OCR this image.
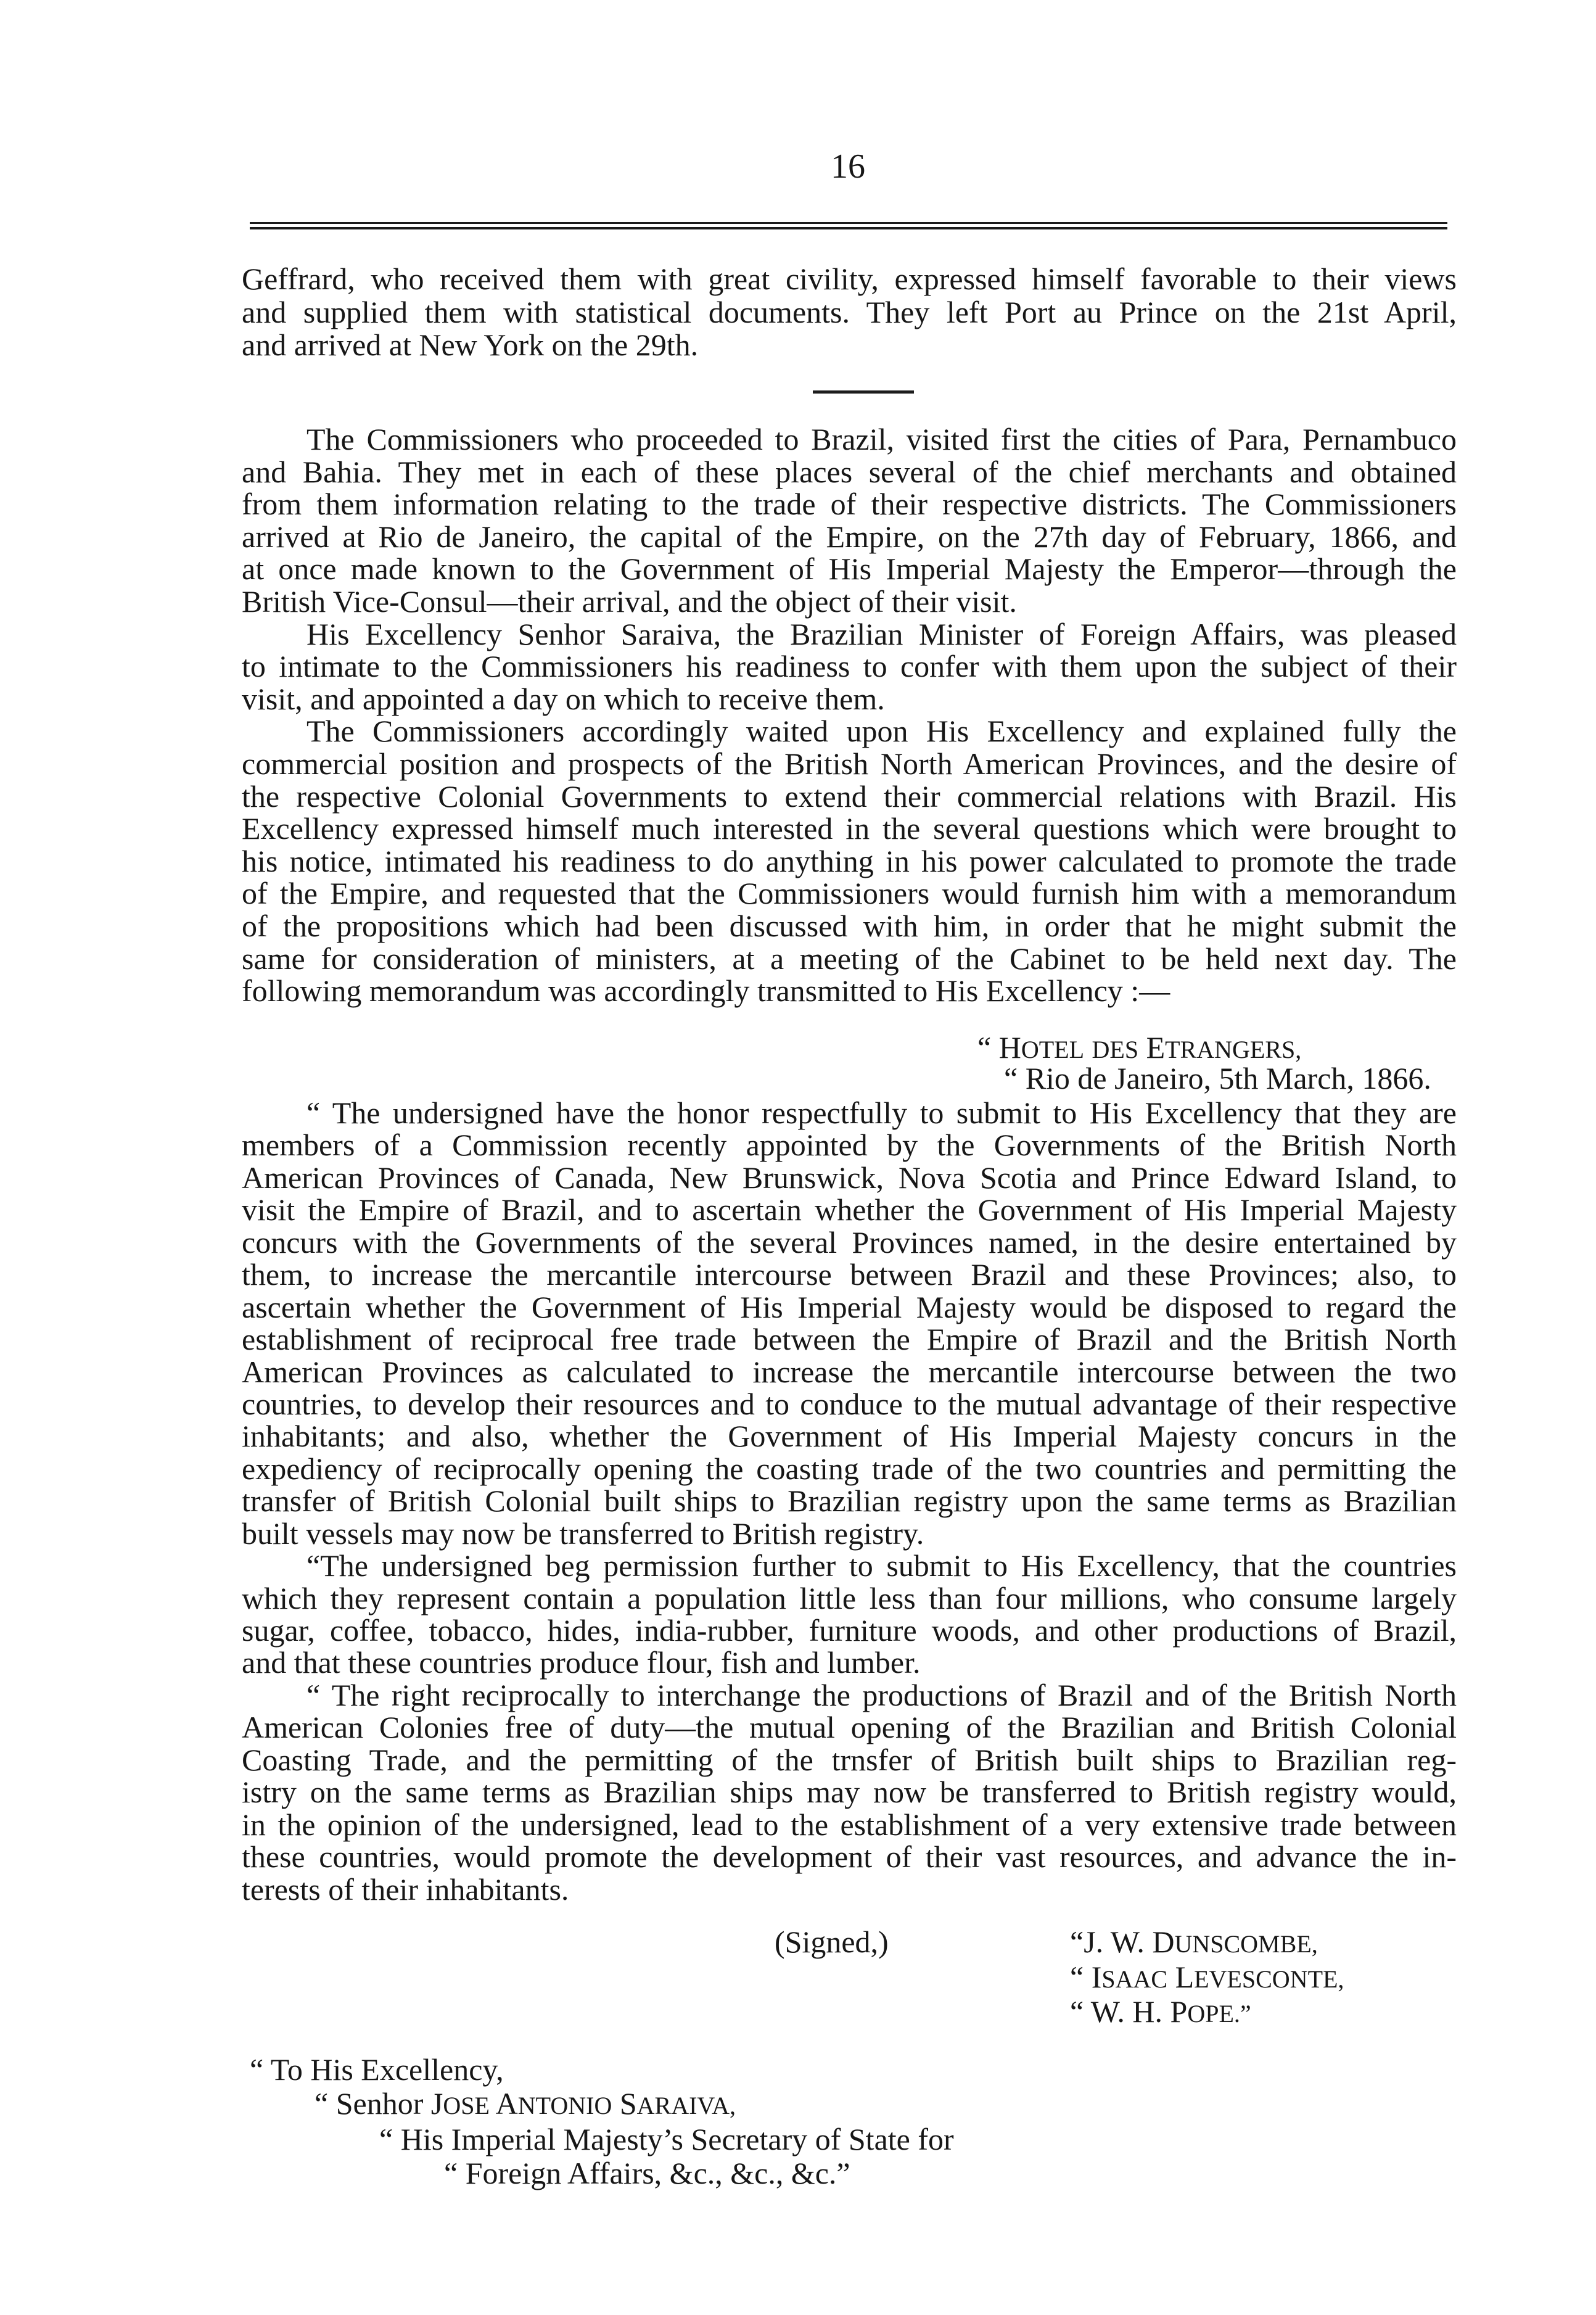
16
Geffrard, who received them with great civility, expressed himself favorable to their views
and supplied them with statistical documents. They left Port au Prince on the 21st April,
and arrived at New York on the 29th.
The Commissioners who proceeded to Brazil, visited first the cities of Para, Pernambuco
and Bahia. They met in each of these places several of the chief merchants and obtained
from them information relating to the trade of their respective districts. The Commissioners
arrived at Rio de Janeiro, the capital of the Empire, on the 27th day of February, 1866, and
at once made known to the Government of His Imperial Majesty the Emperor—through the
British Vice-Consul—their arrival, and the object of their visit.
His Excellency Senhor Saraiva, the Brazilian Minister of Foreign Affairs, was pleased
to intimate to the Commissioners his readiness to confer with them upon the subject of their
visit, and appointed a day on which to receive them.
The Commissioners accordingly waited upon His Excellency and explained fully the
commercial position and prospects of the British North American Provinces, and the desire of
the respective Colonial Governments to extend their commercial relations with Brazil. His
Excellency expressed himself much interested in the several questions which were brought to
his notice, intimated his readiness to do anything in his power calculated to promote the trade
of the Empire, and requested that the Commissioners would furnish him with a memorandum
of the propositions which had been discussed with him, in order that he might submit the
same for consideration of ministers, at a meeting of the Cabinet to be held next day. The
following memorandum was accordingly transmitted to His Excellency :—
“ HOTEL DES ETRANGERS,
“ Rio de Janeiro, 5th March, 1866.
“ The undersigned have the honor respectfully to submit to His Excellency that they are
members of a Commission recently appointed by the Governments of the British North
American Provinces of Canada, New Brunswick, Nova Scotia and Prince Edward Island, to
visit the Empire of Brazil, and to ascertain whether the Government of His Imperial Majesty
concurs with the Governments of the several Provinces named, in the desire entertained by
them, to increase the mercantile intercourse between Brazil and these Provinces; also, to
ascertain whether the Government of His Imperial Majesty would be disposed to regard the
establishment of reciprocal free trade between the Empire of Brazil and the British North
American Provinces as calculated to increase the mercantile intercourse between the two
countries, to develop their resources and to conduce to the mutual advantage of their respective
inhabitants; and also, whether the Government of His Imperial Majesty concurs in the
expediency of reciprocally opening the coasting trade of the two countries and permitting the
transfer of British Colonial built ships to Brazilian registry upon the same terms as Brazilian
built vessels may now be transferred to British registry.
“The undersigned beg permission further to submit to His Excellency, that the countries
which they represent contain a population little less than four millions, who consume largely
sugar, coffee, tobacco, hides, india-rubber, furniture woods, and other productions of Brazil,
and that these countries produce flour, fish and lumber.
“ The right reciprocally to interchange the productions of Brazil and of the British North
American Colonies free of duty—the mutual opening of the Brazilian and British Colonial
Coasting Trade, and the permitting of the trnsfer of British built ships to Brazilian reg-
istry on the same terms as Brazilian ships may now be transferred to British registry would,
in the opinion of the undersigned, lead to the establishment of a very extensive trade between
these countries, would promote the development of their vast resources, and advance the in-
terests of their inhabitants.
(Signed,)	“J. W. DUNSCOMBE,
“ ISAAC LEVESCONTE,
“ W. H. POPE.”
“ To His Excellency,
“ Senhor JOSE ANTONIO SARAIVA,
“ His Imperial Majesty’s Secretary of State for
“ Foreign Affairs, &c., &c., &c.”
